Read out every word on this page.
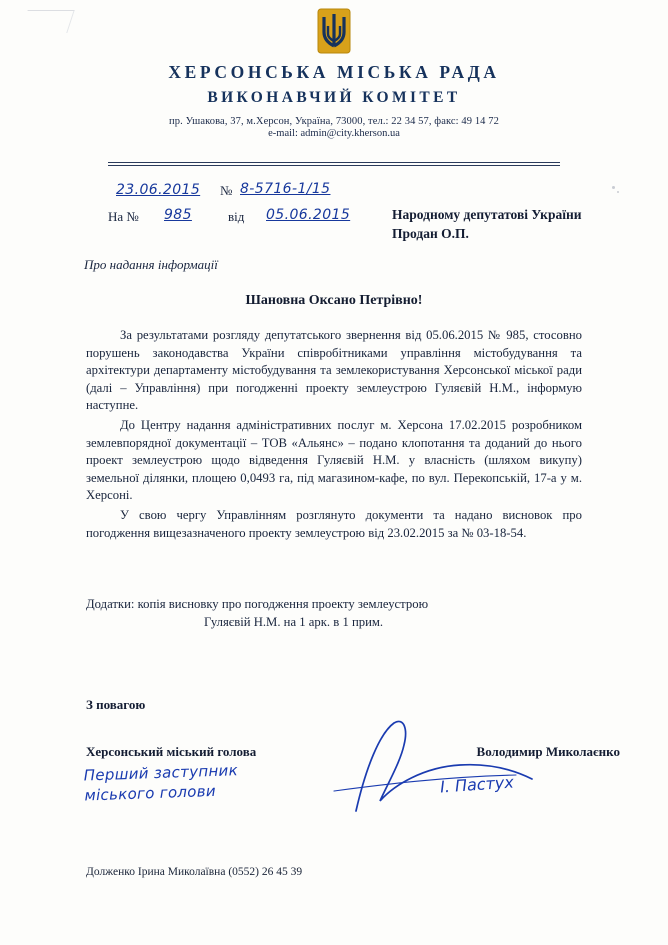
ХЕРСОНСЬКА МІСЬКА РАДА
ВИКОНАВЧИЙ КОМІТЕТ
пр. Ушакова, 37, м.Херсон, Україна, 73000, тел.: 22 34 57, факс: 49 14 72
e-mail: admin@city.kherson.ua
23.06.2015 № 8-5716-1/15
На № 985	від 05.06.2015	Народному депутатові України
Продан О.П.
Про надання інформації
Шановна Оксано Петрівно!

За результатами розгляду депутатського звернення від 05.06.2015 № 985, стосовно порушень законодавства України співробітниками управління містобудування та архітектури департаменту містобудування та землекористування Херсонської міської ради (далі – Управління) при погодженні проекту землеустрою Гуляєвій Н.М., інформую наступне.

До Центру надання адміністративних послуг м. Херсона 17.02.2015 розробником землевпорядної документації – ТОВ «Альянс» – подано клопотання та доданий до нього проект землеустрою щодо відведення Гуляєвій Н.М. у власність (шляхом викупу) земельної ділянки, площею 0,0493 га, під магазином-кафе, по вул. Перекопській, 17-а у м. Херсоні.

У свою чергу Управлінням розглянуто документи та надано висновок про погодження вищезазначеного проекту землеустрою від 23.02.2015 за № 03-18-54.

Додатки: копія висновку про погодження проекту землеустрою
Гуляєвій Н.М. на 1 арк. в 1 прим.
З повагою
Херсонський міський голова	Володимир Миколаєнко
Перший заступник
міського голови	І. Пастух
Долженко Ірина Миколаївна (0552) 26 45 39
